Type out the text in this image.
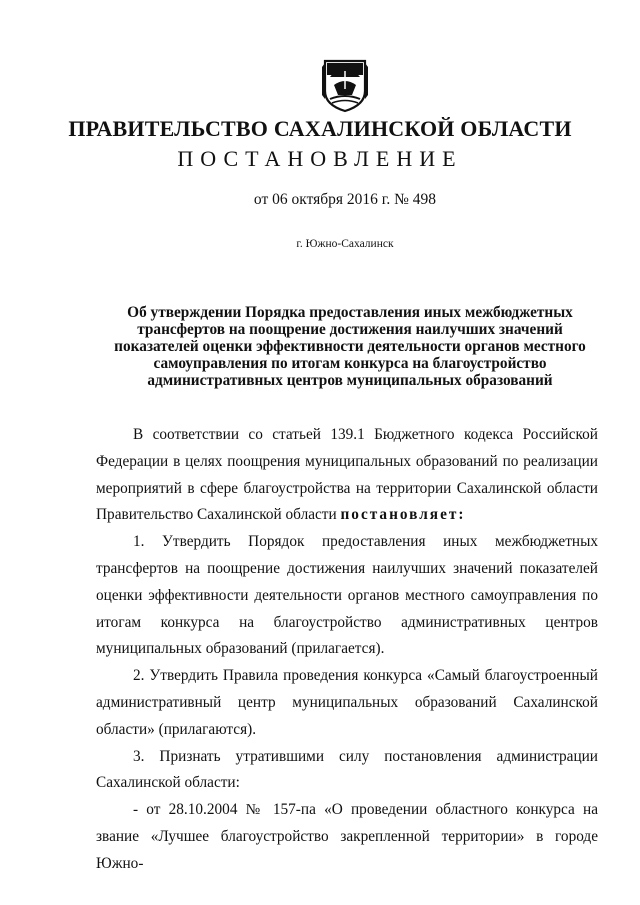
ПРАВИТЕЛЬСТВО САХАЛИНСКОЙ ОБЛАСТИ
ПОСТАНОВЛЕНИЕ
от 06 октября 2016 г. № 498
г. Южно-Сахалинск
Об утверждении Порядка предоставления иных межбюджетных трансфертов на поощрение достижения наилучших значений показателей оценки эффективности деятельности органов местного самоуправления по итогам конкурса на благоустройство административных центров муниципальных образований

В соответствии со статьей 139.1 Бюджетного кодекса Российской Федерации в целях поощрения муниципальных образований по реализации мероприятий в сфере благоустройства на территории Сахалинской области Правительство Сахалинской области постановляет:

1. Утвердить Порядок предоставления иных межбюджетных трансфертов на поощрение достижения наилучших значений показателей оценки эффективности деятельности органов местного самоуправления по итогам конкурса на благоустройство административных центров муниципальных образований (прилагается).

2. Утвердить Правила проведения конкурса «Самый благоустроенный административный центр муниципальных образований Сахалинской области» (прилагаются).

3. Признать утратившими силу постановления администрации Сахалинской области:

- от 28.10.2004 № 157-па «О проведении областного конкурса на звание «Лучшее благоустройство закрепленной территории» в городе Южно-
